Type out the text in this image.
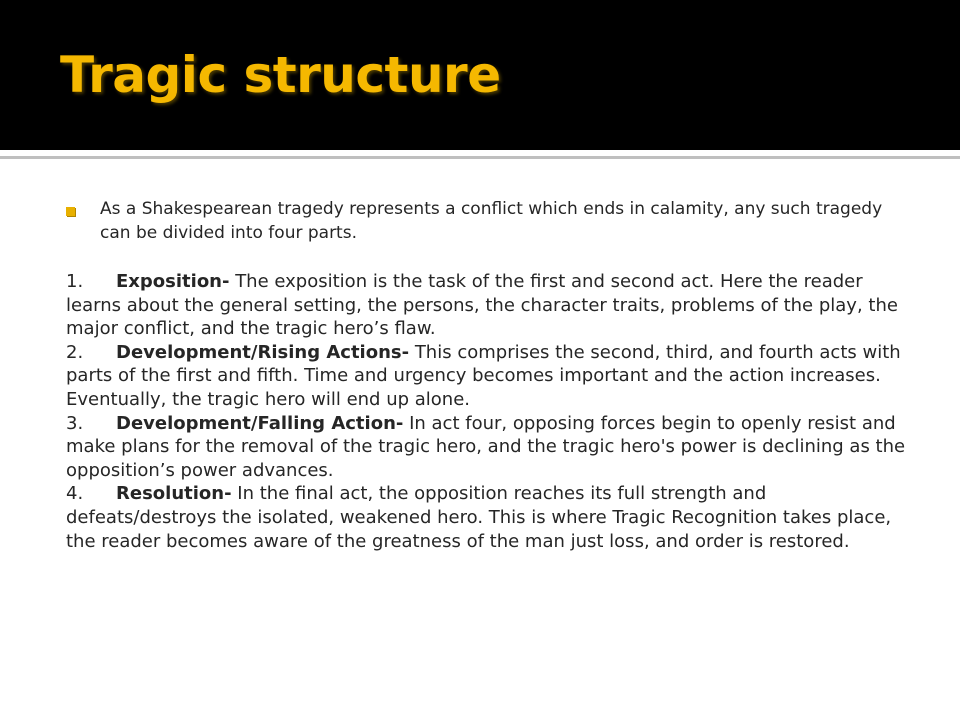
Tragic structure

As a Shakespearean tragedy represents a conflict which ends in calamity, any such tragedy can be divided into four parts.

1. Exposition- The exposition is the task of the first and second act. Here the reader learns about the general setting, the persons, the character traits, problems of the play, the major conflict, and the tragic hero’s flaw.
2. Development/Rising Actions- This comprises the second, third, and fourth acts with parts of the first and fifth. Time and urgency becomes important and the action increases. Eventually, the tragic hero will end up alone.
3. Development/Falling Action- In act four, opposing forces begin to openly resist and make plans for the removal of the tragic hero, and the tragic hero's power is declining as the opposition’s power advances.
4. Resolution- In the final act, the opposition reaches its full strength and defeats/destroys the isolated, weakened hero. This is where Tragic Recognition takes place, the reader becomes aware of the greatness of the man just loss, and order is restored.
